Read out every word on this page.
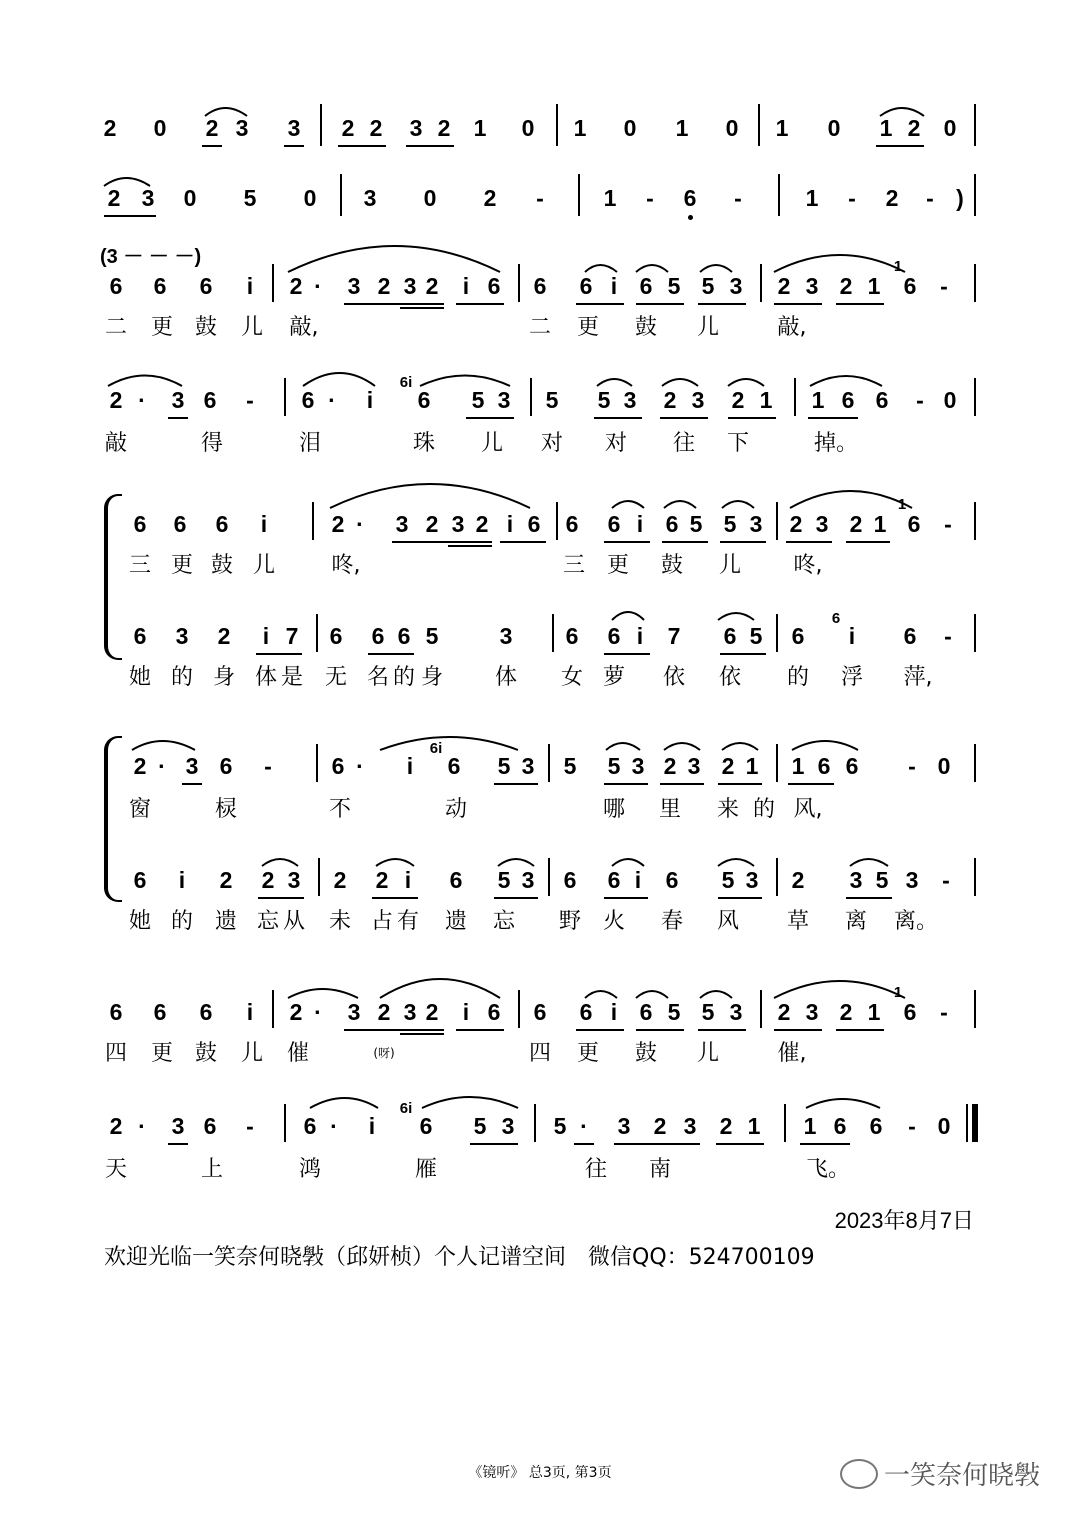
2 0 2 3 3 2 2 3 2 1 0 1 0 1 0 1 0 1 2 0
2 3 0 5 0 3 0 2 -	1 - 6 -	1 - 2 - )
(3 － － －)
6 6 6 i 2 · 3 2 3 2 i 6 6 6 i 6 5 5 3 2 3 2 1
1
6 -
二 更 鼓 儿 敲,	二 更 鼓 儿	敲,
2 · 3 6 - 6 · i
6i
6 5 3 5 5 3 2 3 2 1 1 6 6 - 0
敲	得	泪	珠 儿 对 对 往 下	掉。
6 6 6 i	2 · 3 2 3 2 i 6 6 6 i 6 5 5 3 2 3 2 1
1
6 -
三 更 鼓 儿	咚,	三 更 鼓 儿 咚,
6 3 2 i 7 6 6 6 5	3 6 6 i 7 6 5 6
6
i 6 -
她 的 身 体 是 无 名 的 身 体 女 萝 依 依 的 浮 萍,
2 · 3 6 -	6 · i
6i
6 5 3 5 5 3 2 3 2 1 1 6 6 - 0
窗	棂	不	动	哪 里 来 的 风,
6 i 2 2 3 2 2 i 6 5 3 6 6 i 6 5 3 2 3 5 3 -
她 的 遗 忘 从 未 占 有 遗 忘 野 火 春 风 草 离 离。
6 6 6 i 2 · 3 2 3 2 i 6 6 6 i 6 5 5 3 2 3 2 1
1
6 -
四 更 鼓 儿 催	(呀)	四 更 鼓 儿	催,
2 · 3 6 - 6 · i
6i
6 5 3 5 · 3 2 3 2 1 1 6 6 - 0
天	上	鸿	雁	往 南	飞。
2023年8月7日
欢迎光临一笑奈何晓斅（邱妍桢）个人记谱空间　微信QQ：524700109
《镜听》 总3页, 第3页	一笑奈何晓斅
